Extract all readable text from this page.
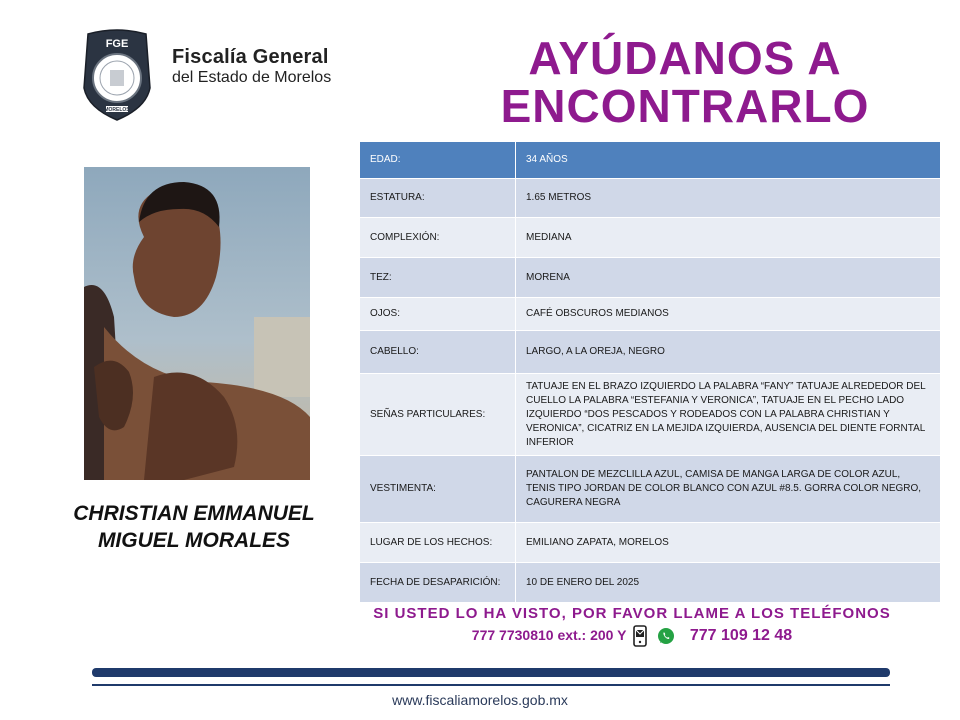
FGE
MORELOS
Fiscalía General
del Estado de Morelos	AYÚDANOS A
ENCONTRARLO
CHRISTIAN EMMANUEL
MIGUEL MORALES
EDAD:	34 AÑOS
ESTATURA:	1.65 METROS
COMPLEXIÓN:	MEDIANA
TEZ:	MORENA
OJOS:	CAFÉ OBSCUROS MEDIANOS
CABELLO:	LARGO, A LA OREJA, NEGRO
SEÑAS PARTICULARES:	TATUAJE EN EL BRAZO IZQUIERDO LA PALABRA “FANY” TATUAJE ALREDEDOR DEL CUELLO LA PALABRA “ESTEFANIA Y VERONICA”, TATUAJE EN EL PECHO LADO IZQUIERDO “DOS PESCADOS Y RODEADOS CON LA PALABRA CHRISTIAN Y VERONICA”, CICATRIZ EN LA MEJIDA IZQUIERDA, AUSENCIA DEL DIENTE FORNTAL INFERIOR
VESTIMENTA:	PANTALON DE MEZCLILLA AZUL, CAMISA DE MANGA LARGA DE COLOR AZUL, TENIS TIPO JORDAN DE COLOR BLANCO CON AZUL #8.5. GORRA COLOR NEGRO, CAGURERA NEGRA
LUGAR DE LOS HECHOS:	EMILIANO ZAPATA, MORELOS
FECHA DE DESAPARICIÓN:	10 DE ENERO DEL 2025
SI USTED LO HA VISTO, POR FAVOR LLAME A LOS TELÉFONOS
777 7730810 ext.: 200 Y	777 109 12 48
www.fiscaliamorelos.gob.mx
